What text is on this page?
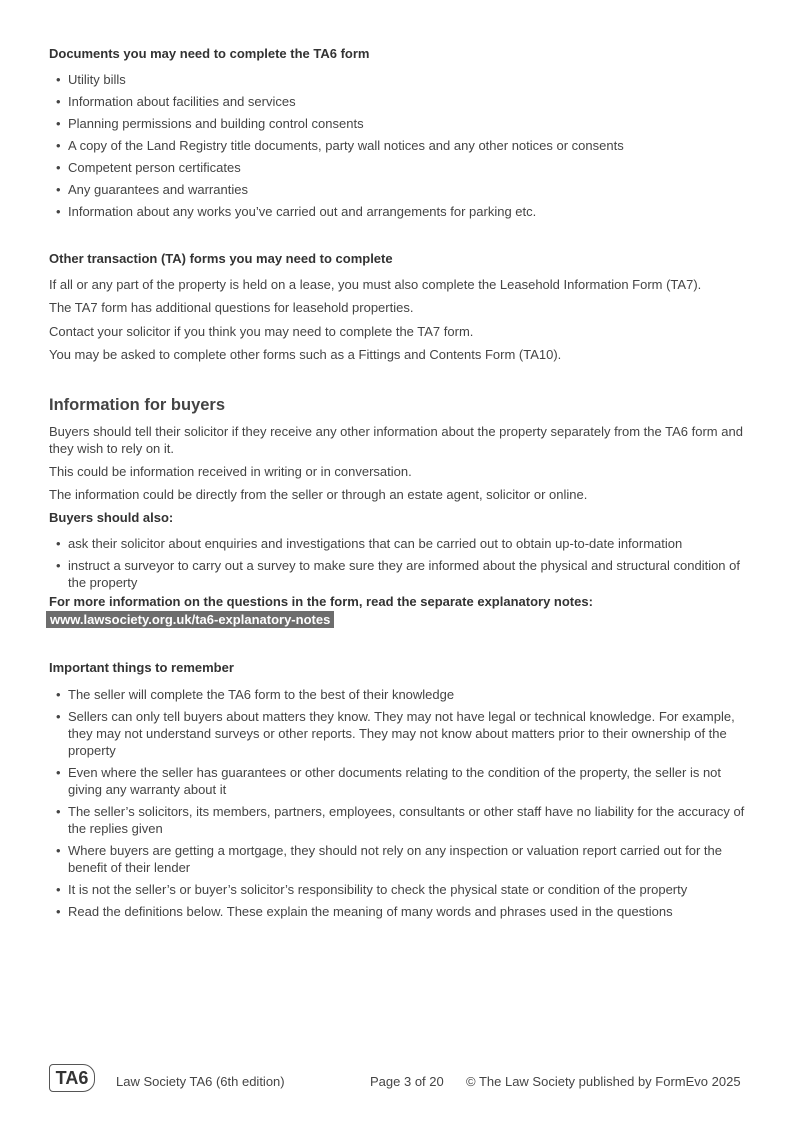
Documents you may need to complete the TA6 form
• Utility bills
• Information about facilities and services
• Planning permissions and building control consents
• A copy of the Land Registry title documents, party wall notices and any other notices or consents
• Competent person certificates
• Any guarantees and warranties
• Information about any works you’ve carried out and arrangements for parking etc.
Other transaction (TA) forms you may need to complete

If all or any part of the property is held on a lease, you must also complete the Leasehold Information Form (TA7).

The TA7 form has additional questions for leasehold properties.

Contact your solicitor if you think you may need to complete the TA7 form.

You may be asked to complete other forms such as a Fittings and Contents Form (TA10).

Information for buyers

Buyers should tell their solicitor if they receive any other information about the property separately from the TA6 form and they wish to rely on it.

This could be information received in writing or in conversation.

The information could be directly from the seller or through an estate agent, solicitor or online.

Buyers should also:
• ask their solicitor about enquiries and investigations that can be carried out to obtain up-to-date information
• instruct a surveyor to carry out a survey to make sure they are informed about the physical and structural condition of the property
For more information on the questions in the form, read the separate explanatory notes:
www.lawsociety.org.uk/ta6-explanatory-notes
Important things to remember
• The seller will complete the TA6 form to the best of their knowledge
• Sellers can only tell buyers about matters they know. They may not have legal or technical knowledge. For example, they may not understand surveys or other reports. They may not know about matters prior to their ownership of the property
• Even where the seller has guarantees or other documents relating to the condition of the property, the seller is not giving any warranty about it
• The seller’s solicitors, its members, partners, employees, consultants or other staff have no liability for the accuracy of the replies given
• Where buyers are getting a mortgage, they should not rely on any inspection or valuation report carried out for the benefit of their lender
• It is not the seller’s or buyer’s solicitor’s responsibility to check the physical state or condition of the property
• Read the definitions below. These explain the meaning of many words and phrases used in the questions
TA6	Law Society TA6 (6th edition)	Page 3 of 20 © The Law Society published by FormEvo 2025
